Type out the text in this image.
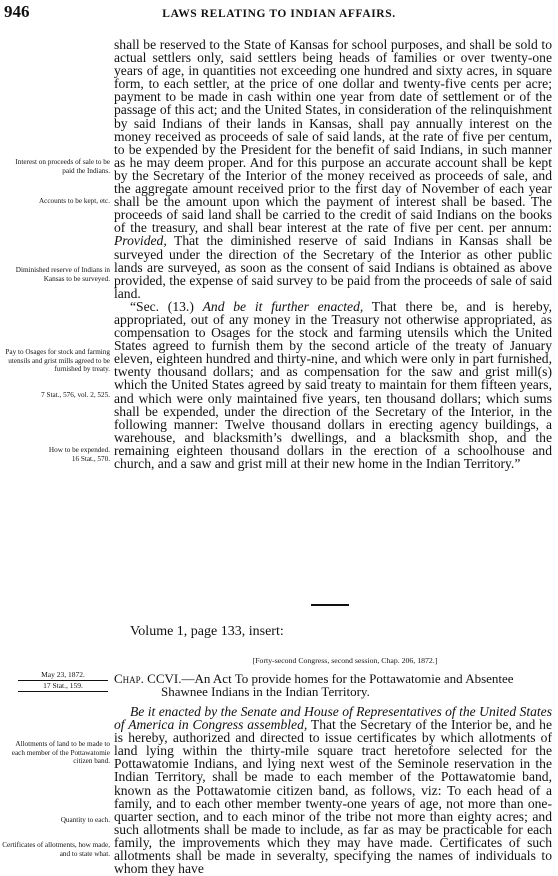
946	LAWS RELATING TO INDIAN AFFAIRS.
Interest on proceeds of sale to be paid the Indians.
Accounts to be kept, etc.
Diminished reserve of Indians in Kansas to be surveyed.
Pay to Osages for stock and farming utensils and grist mills agreed to be furnished by treaty.
7 Stat., 576, vol. 2, 525.
How to be expended.
16 Stat., 570.

shall be reserved to the State of Kansas for school purposes, and shall be sold to actual settlers only, said settlers being heads of families or over twenty-one years of age, in quantities not exceeding one hundred and sixty acres, in square form, to each settler, at the price of one dollar and twenty-five cents per acre; payment to be made in cash within one year from date of settlement or of the passage of this act; and the United States, in consideration of the relinquishment by said Indians of their lands in Kansas, shall pay annually interest on the money received as proceeds of sale of said lands, at the rate of five per centum, to be expended by the President for the benefit of said Indians, in such manner as he may deem proper. And for this purpose an accurate account shall be kept by the Secretary of the Interior of the money received as proceeds of sale, and the aggregate amount received prior to the first day of November of each year shall be the amount upon which the payment of interest shall be based. The proceeds of said land shall be carried to the credit of said Indians on the books of the treasury, and shall bear interest at the rate of five per cent. per annum: Provided, That the diminished reserve of said Indians in Kansas shall be surveyed under the direction of the Secretary of the Interior as other public lands are surveyed, as soon as the consent of said Indians is obtained as above provided, the expense of said survey to be paid from the proceeds of sale of said land.

“Sec. (13.) And be it further enacted, That there be, and is hereby, appropriated, out of any money in the Treasury not otherwise appropriated, as compensation to Osages for the stock and farming utensils which the United States agreed to furnish them by the second article of the treaty of January eleven, eighteen hundred and thirty-nine, and which were only in part furnished, twenty thousand dollars; and as compensation for the saw and grist mill(s) which the United States agreed by said treaty to maintain for them fifteen years, and which were only maintained five years, ten thousand dollars; which sums shall be expended, under the direction of the Secretary of the Interior, in the following manner: Twelve thousand dollars in erecting agency buildings, a warehouse, and blacksmith’s dwellings, and a blacksmith shop, and the remaining eighteen thousand dollars in the erection of a schoolhouse and church, and a saw and grist mill at their new home in the Indian Territory.”

Volume 1, page 133, insert:
[Forty-second Congress, second session, Chap. 206, 1872.]
May 23, 1872.
17 Stat., 159.	Chap. CCVI.—An Act To provide homes for the Pottawatomie and Absentee
Shawnee Indians in the Indian Territory.
Allotments of land to be made to each member of the Pottawatomie citizen band.
Quantity to each.
Certificates of allotments, how made, and to state what.

Be it enacted by the Senate and House of Representatives of the United States of America in Congress assembled, That the Secretary of the Interior be, and he is hereby, authorized and directed to issue certificates by which allotments of land lying within the thirty-mile square tract heretofore selected for the Pottawatomie Indians, and lying next west of the Seminole reservation in the Indian Territory, shall be made to each member of the Pottawatomie band, known as the Pottawatomie citizen band, as follows, viz: To each head of a family, and to each other member twenty-one years of age, not more than one-quarter section, and to each minor of the tribe not more than eighty acres; and such allotments shall be made to include, as far as may be practicable for each family, the improvements which they may have made. Certificates of such allotments shall be made in severalty, specifying the names of individuals to whom they have
